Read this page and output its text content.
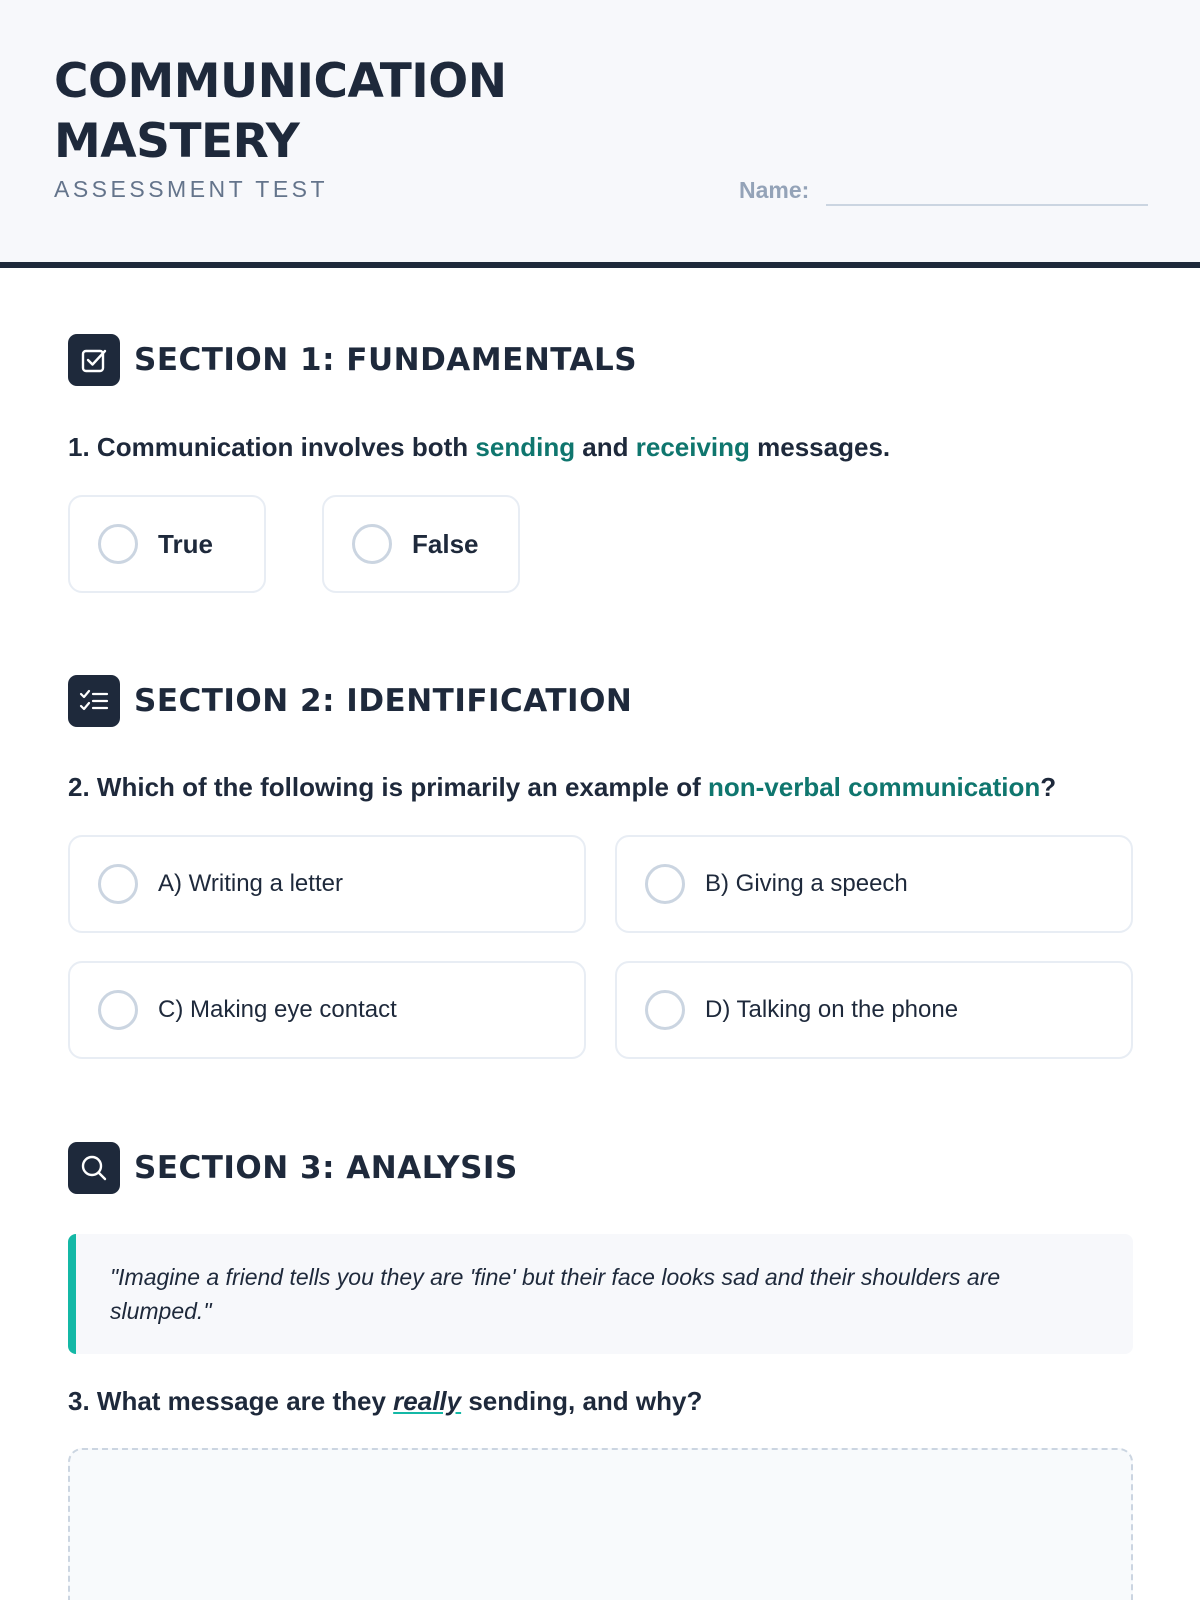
COMMUNICATION MASTERY
ASSESSMENT TEST	Name:
SECTION 1: FUNDAMENTALS
1. Communication involves both sending and receiving messages.
True	False
SECTION 2: IDENTIFICATION
2. Which of the following is primarily an example of non-verbal communication?
A) Writing a letter	B) Giving a speech
C) Making eye contact	D) Talking on the phone
SECTION 3: ANALYSIS
"Imagine a friend tells you they are 'fine' but their face looks sad and their shoulders are slumped."
3. What message are they really sending, and why?
